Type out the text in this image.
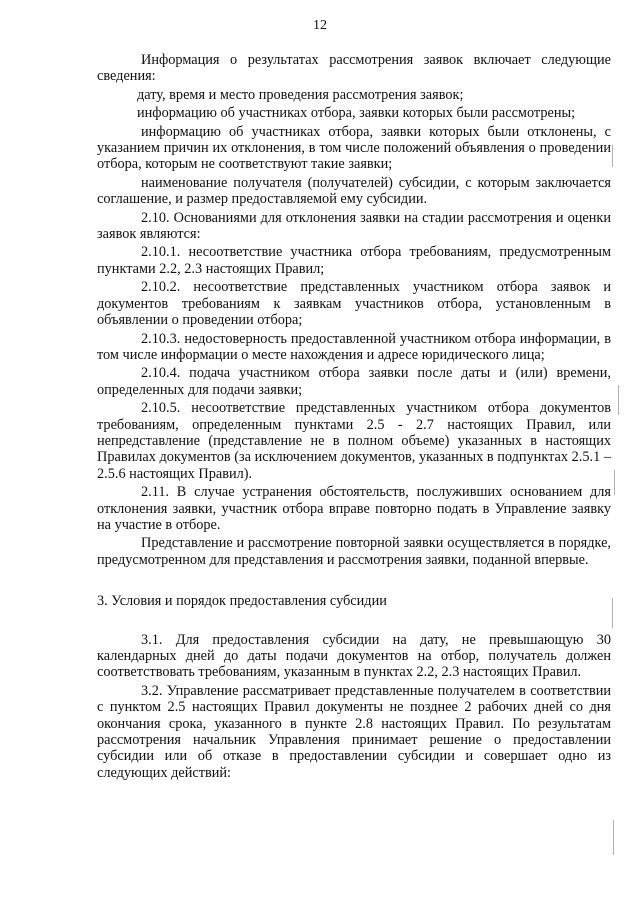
12

Информация о результатах рассмотрения заявок включает следующие сведения:

дату, время и место проведения рассмотрения заявок;

информацию об участниках отбора, заявки которых были рассмотрены;

информацию об участниках отбора, заявки которых были отклонены, с указанием причин их отклонения, в том числе положений объявления о проведении отбора, которым не соответствуют такие заявки;

наименование получателя (получателей) субсидии, с которым заключается соглашение, и размер предоставляемой ему субсидии.

2.10. Основаниями для отклонения заявки на стадии рассмотрения и оценки заявок являются:

2.10.1. несоответствие участника отбора требованиям, предусмотренным пунктами 2.2, 2.3 настоящих Правил;

2.10.2. несоответствие представленных участником отбора заявок и документов требованиям к заявкам участников отбора, установленным в объявлении о проведении отбора;

2.10.3. недостоверность предоставленной участником отбора информации, в том числе информации о месте нахождения и адресе юридического лица;

2.10.4. подача участником отбора заявки после даты и (или) времени, определенных для подачи заявки;

2.10.5. несоответствие представленных участником отбора документов требованиям, определенным пунктами 2.5 - 2.7 настоящих Правил, или непредставление (представление не в полном объеме) указанных в настоящих Правилах документов (за исключением документов, указанных в подпунктах 2.5.1 – 2.5.6 настоящих Правил).

2.11. В случае устранения обстоятельств, послуживших основанием для отклонения заявки, участник отбора вправе повторно подать в Управление заявку на участие в отборе.

Представление и рассмотрение повторной заявки осуществляется в порядке, предусмотренном для представления и рассмотрения заявки, поданной впервые.

3. Условия и порядок предоставления субсидии

3.1. Для предоставления субсидии на дату, не превышающую 30 календарных дней до даты подачи документов на отбор, получатель должен соответствовать требованиям, указанным в пунктах 2.2, 2.3 настоящих Правил.

3.2. Управление рассматривает представленные получателем в соответствии с пунктом 2.5 настоящих Правил документы не позднее 2 рабочих дней со дня окончания срока, указанного в пункте 2.8 настоящих Правил. По результатам рассмотрения начальник Управления принимает решение о предоставлении субсидии или об отказе в предоставлении субсидии и совершает одно из следующих действий:
